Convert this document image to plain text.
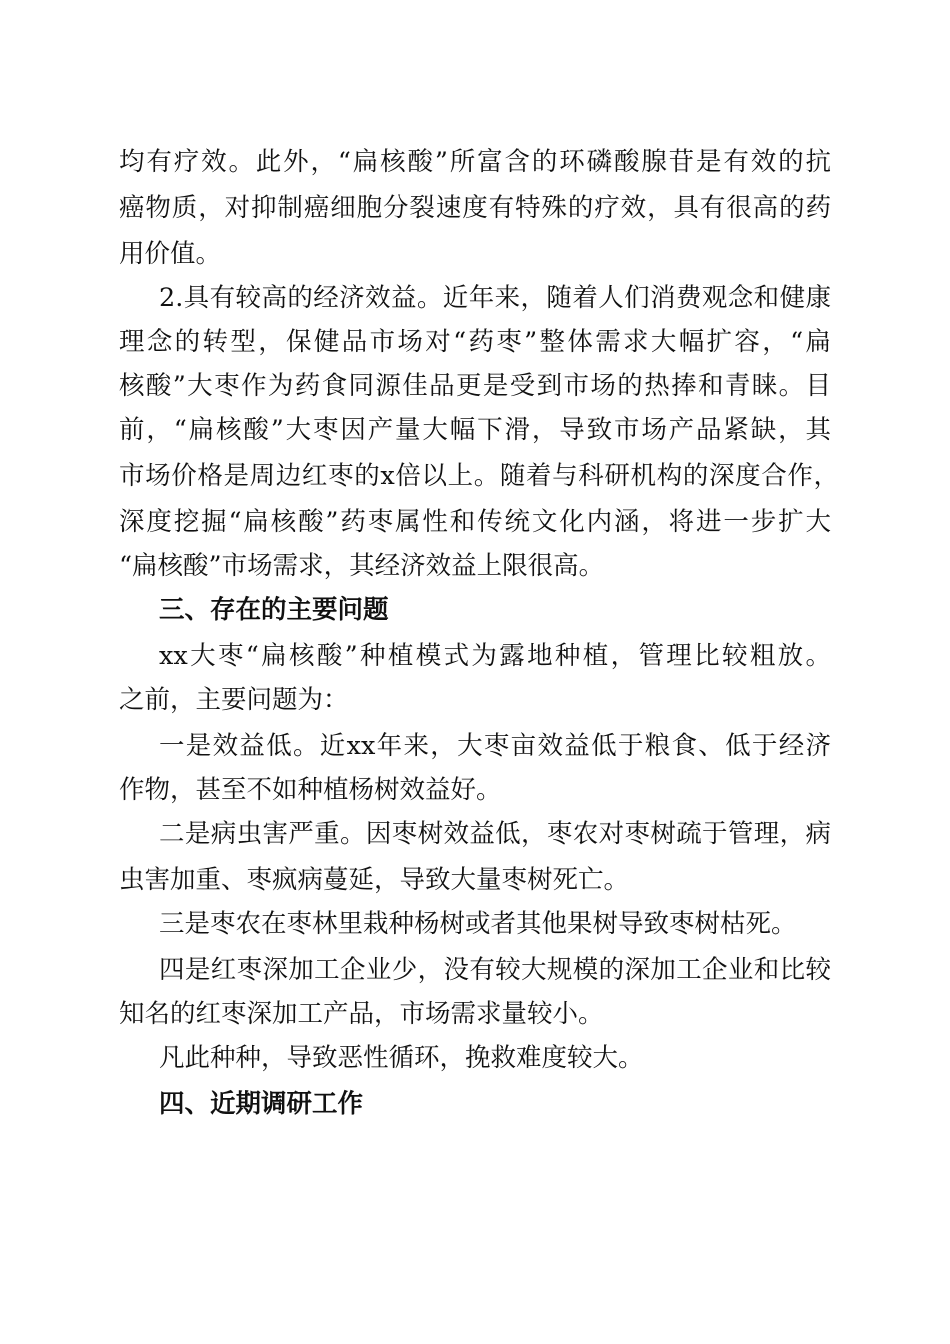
均有疗效。此外，“扁核酸”所富含的环磷酸腺苷是有效的抗
癌物质，对抑制癌细胞分裂速度有特殊的疗效，具有很高的药
用价值。
2.具有较高的经济效益。近年来，随着人们消费观念和健康
理念的转型，保健品市场对“药枣”整体需求大幅扩容，“扁
核酸”大枣作为药食同源佳品更是受到市场的热捧和青睐。目
前，“扁核酸”大枣因产量大幅下滑，导致市场产品紧缺，其
市场价格是周边红枣的x倍以上。随着与科研机构的深度合作，
深度挖掘“扁核酸”药枣属性和传统文化内涵，将进一步扩大
“扁核酸”市场需求，其经济效益上限很高。
三、存在的主要问题
xx大枣“扁核酸”种植模式为露地种植，管理比较粗放。
之前，主要问题为：
一是效益低。近xx年来，大枣亩效益低于粮食、低于经济
作物，甚至不如种植杨树效益好。
二是病虫害严重。因枣树效益低，枣农对枣树疏于管理，病
虫害加重、枣疯病蔓延，导致大量枣树死亡。
三是枣农在枣林里栽种杨树或者其他果树导致枣树枯死。
四是红枣深加工企业少，没有较大规模的深加工企业和比较
知名的红枣深加工产品，市场需求量较小。
凡此种种，导致恶性循环，挽救难度较大。
四、近期调研工作
